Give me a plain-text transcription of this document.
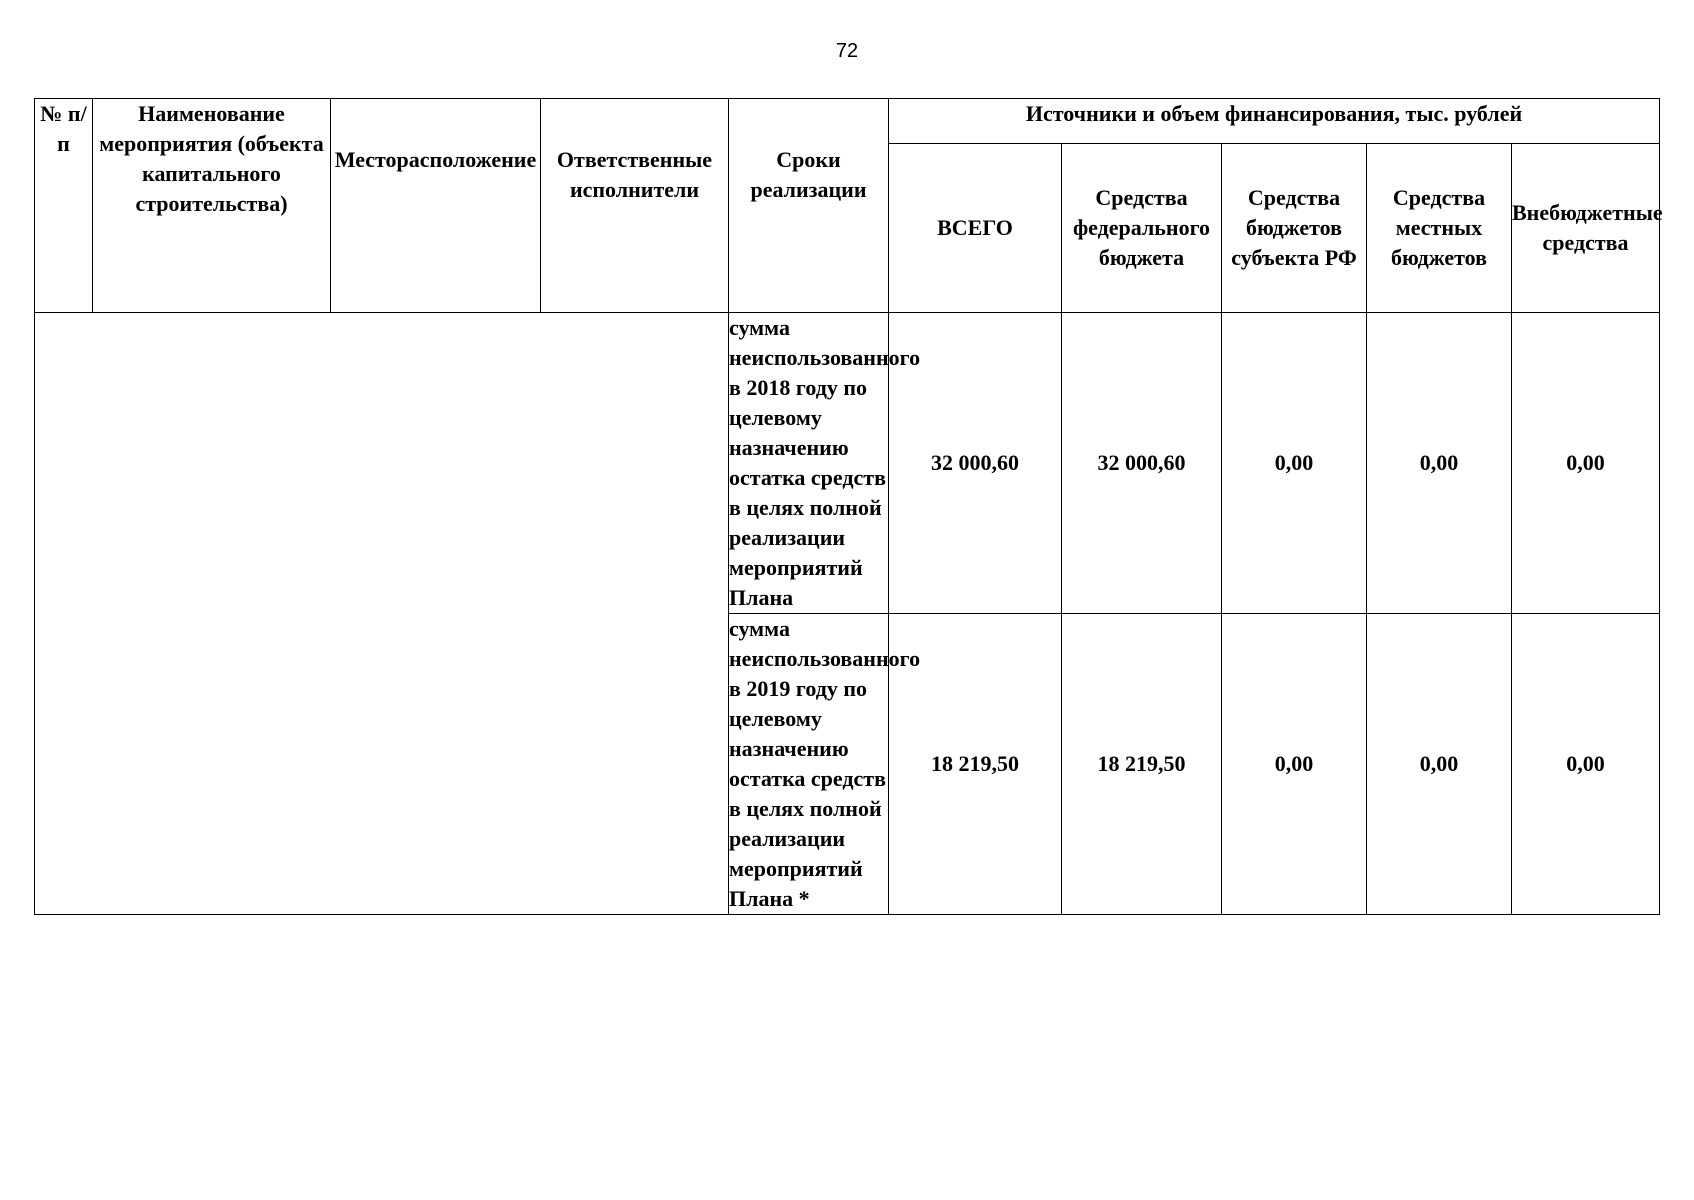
72
№ п/п	Наименование мероприятия (объекта капитального строительства)	Месторасположение	Ответственные исполнители	Сроки реализации	Источники и объем финансирования, тыс. рублей				
					ВСЕГО	Средства федерального бюджета	Средства бюджетов субъекта РФ	Средства местных бюджетов	Внебюджетные средства
				сумма неиспользованного в 2018 году по целевому назначению остатка средств в целях полной реализации мероприятий Плана	32 000,60	32 000,60	0,00	0,00	0,00
				сумма неиспользованного в 2019 году по целевому назначению остатка средств в целях полной реализации мероприятий Плана *	18 219,50	18 219,50	0,00	0,00	0,00
